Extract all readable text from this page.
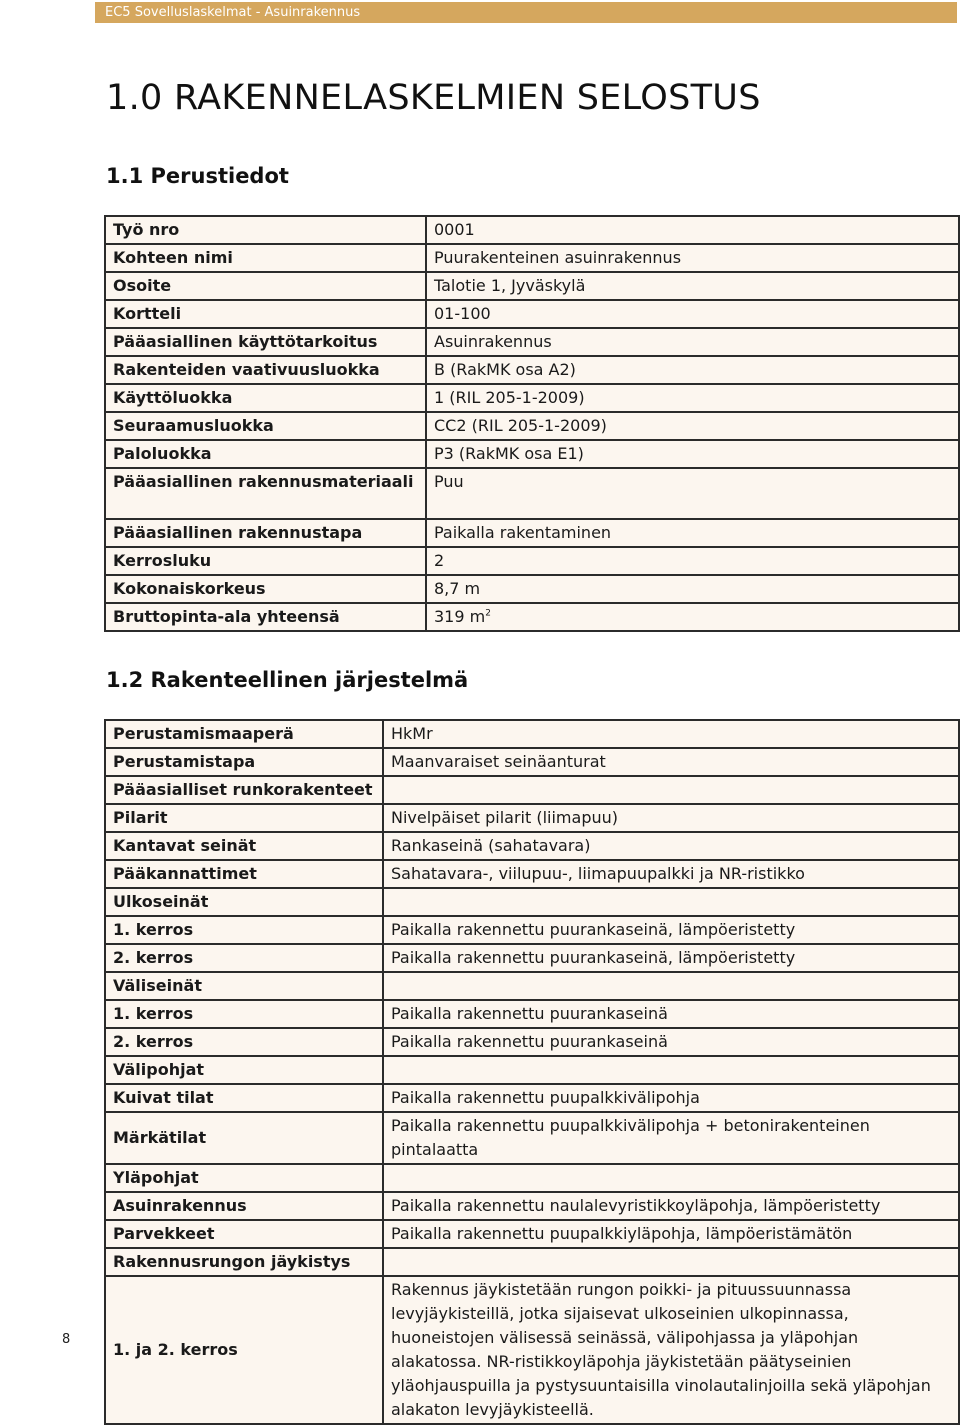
EC5 Sovelluslaskelmat - Asuinrakennus
1.0 RAKENNELASKELMIEN SELOSTUS
1.1 Perustiedot
Työ nro	0001
Kohteen nimi	Puurakenteinen asuinrakennus
Osoite	Talotie 1, Jyväskylä
Kortteli	01-100
Pääasiallinen käyttötarkoitus	Asuinrakennus
Rakenteiden vaativuusluokka	B (RakMK osa A2)
Käyttöluokka	1 (RIL 205-1-2009)
Seuraamusluokka	CC2 (RIL 205-1-2009)
Paloluokka	P3 (RakMK osa E1)
Pääasiallinen rakennusmateriaali	Puu
Pääasiallinen rakennustapa	Paikalla rakentaminen
Kerrosluku	2
Kokonaiskorkeus	8,7 m
Bruttopinta-ala yhteensä	319 $m^2$
1.2 Rakenteellinen järjestelmä
Perustamismaaperä	HkMr
Perustamistapa	Maanvaraiset seinäanturat
Pääasialliset runkorakenteet	
Pilarit	Nivelpäiset pilarit (liimapuu)
Kantavat seinät	Rankaseinä (sahatavara)
Pääkannattimet	Sahatavara-, viilupuu-, liimapuupalkki ja NR-ristikko
Ulkoseinät	
1. kerros	Paikalla rakennettu puurankaseinä, lämpöeristetty
2. kerros	Paikalla rakennettu puurankaseinä, lämpöeristetty
Väliseinät	
1. kerros	Paikalla rakennettu puurankaseinä
2. kerros	Paikalla rakennettu puurankaseinä
Välipohjat	
Kuivat tilat	Paikalla rakennettu puupalkkivälipohja
Märkätilat	Paikalla rakennettu puupalkkivälipohja + betonirakenteinen pintalaatta
Yläpohjat	
Asuinrakennus	Paikalla rakennettu naulalevyristikkoyläpohja, lämpöeristetty
Parvekkeet	Paikalla rakennettu puupalkkiyläpohja, lämpöeristämätön
Rakennusrungon jäykistys	
1. ja 2. kerros	Rakennus jäykistetään rungon poikki- ja pituussuunnassa levyjäykisteillä, jotka sijaisevat ulkoseinien ulkopinnassa, huoneistojen välisessä seinässä, välipohjassa ja yläpohjan alakatossa. NR-ristikkoyläpohja jäykistetään päätyseinien yläohjauspuilla ja pystysuuntaisilla vinolautalinjoilla sekä yläpohjan alakaton levyjäykisteellä.
8
